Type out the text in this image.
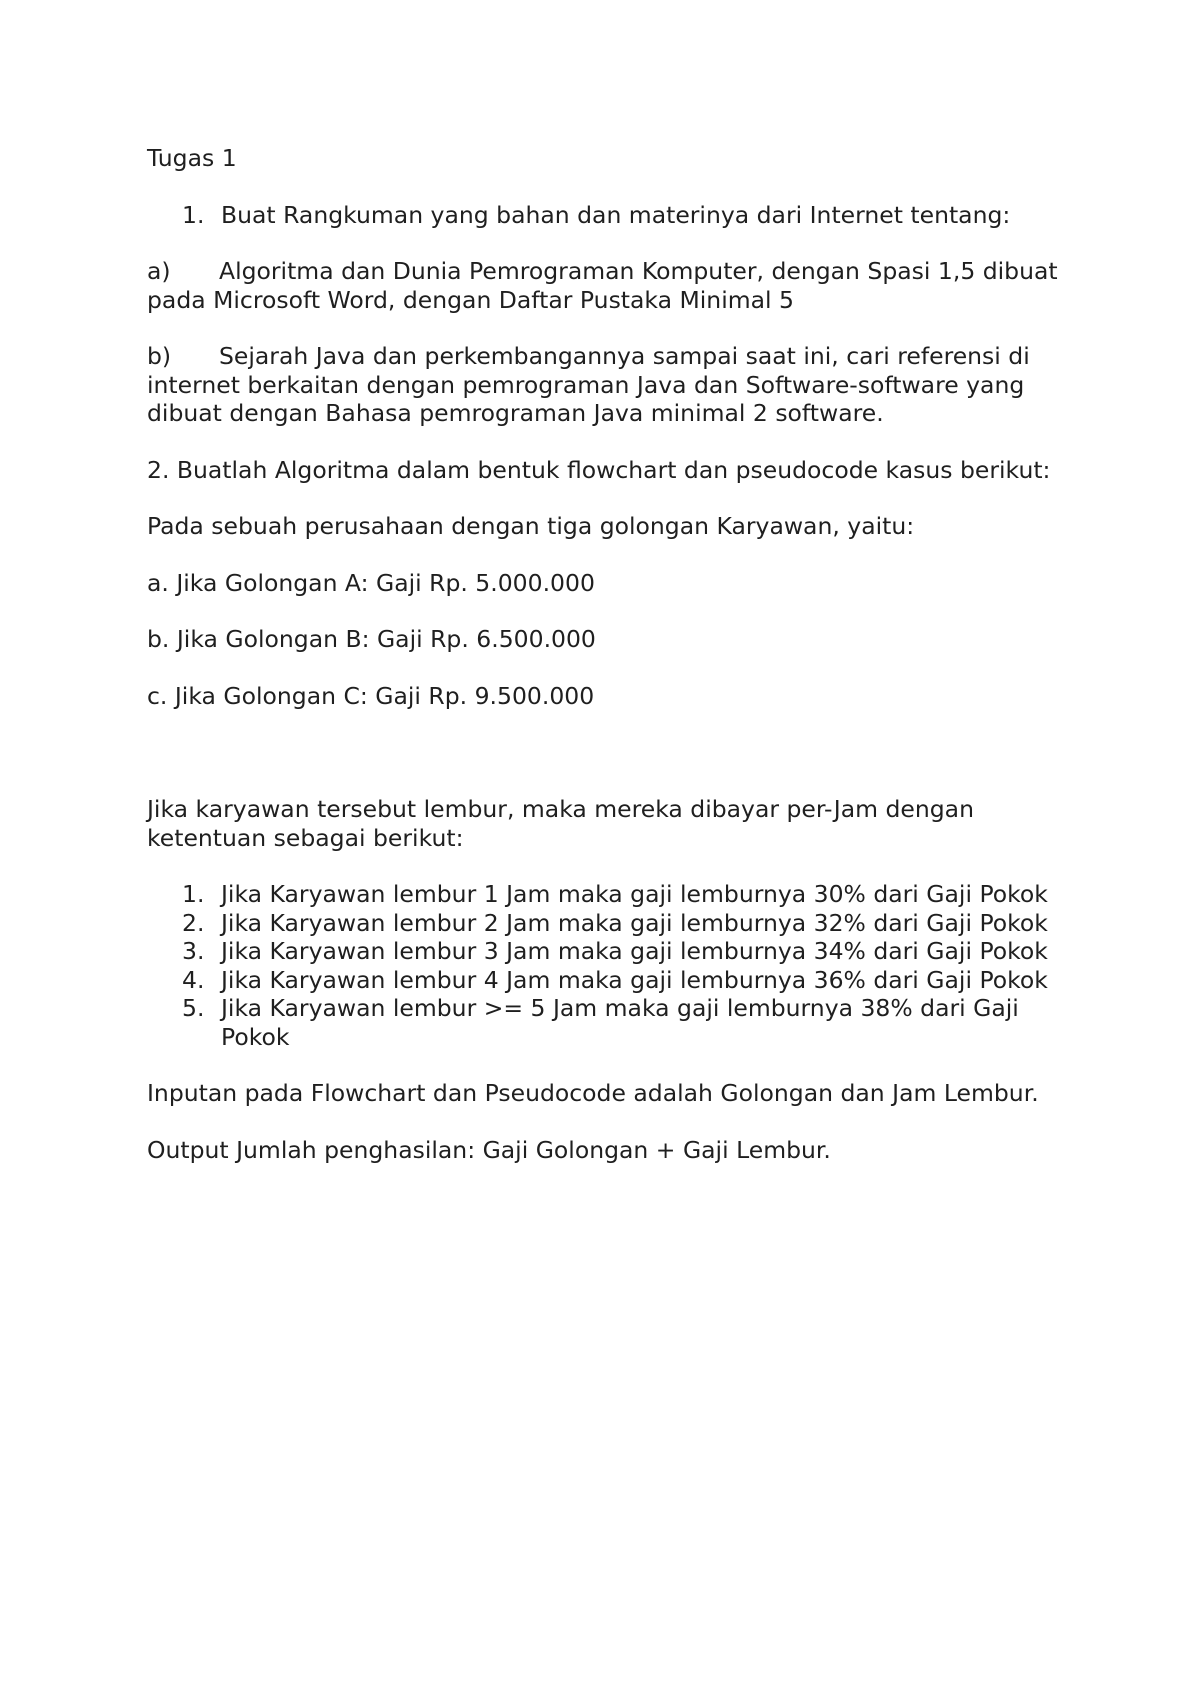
Tugas 1

1. Buat Rangkuman yang bahan dan materinya dari Internet tentang:

a) Algoritma dan Dunia Pemrograman Komputer, dengan Spasi 1,5 dibuat pada Microsoft Word, dengan Daftar Pustaka Minimal 5

b) Sejarah Java dan perkembangannya sampai saat ini, cari referensi di internet berkaitan dengan pemrograman Java dan Software-software yang dibuat dengan Bahasa pemrograman Java minimal 2 software.

2. Buatlah Algoritma dalam bentuk flowchart dan pseudocode kasus berikut:

Pada sebuah perusahaan dengan tiga golongan Karyawan, yaitu:

a. Jika Golongan A: Gaji Rp. 5.000.000

b. Jika Golongan B: Gaji Rp. 6.500.000

c. Jika Golongan C: Gaji Rp. 9.500.000

Jika karyawan tersebut lembur, maka mereka dibayar per-Jam dengan ketentuan sebagai berikut:

1. Jika Karyawan lembur 1 Jam maka gaji lemburnya 30% dari Gaji Pokok
2. Jika Karyawan lembur 2 Jam maka gaji lemburnya 32% dari Gaji Pokok
3. Jika Karyawan lembur 3 Jam maka gaji lemburnya 34% dari Gaji Pokok
4. Jika Karyawan lembur 4 Jam maka gaji lemburnya 36% dari Gaji Pokok
5. Jika Karyawan lembur >= 5 Jam maka gaji lemburnya 38% dari Gaji Pokok

Inputan pada Flowchart dan Pseudocode adalah Golongan dan Jam Lembur.

Output Jumlah penghasilan: Gaji Golongan + Gaji Lembur.
